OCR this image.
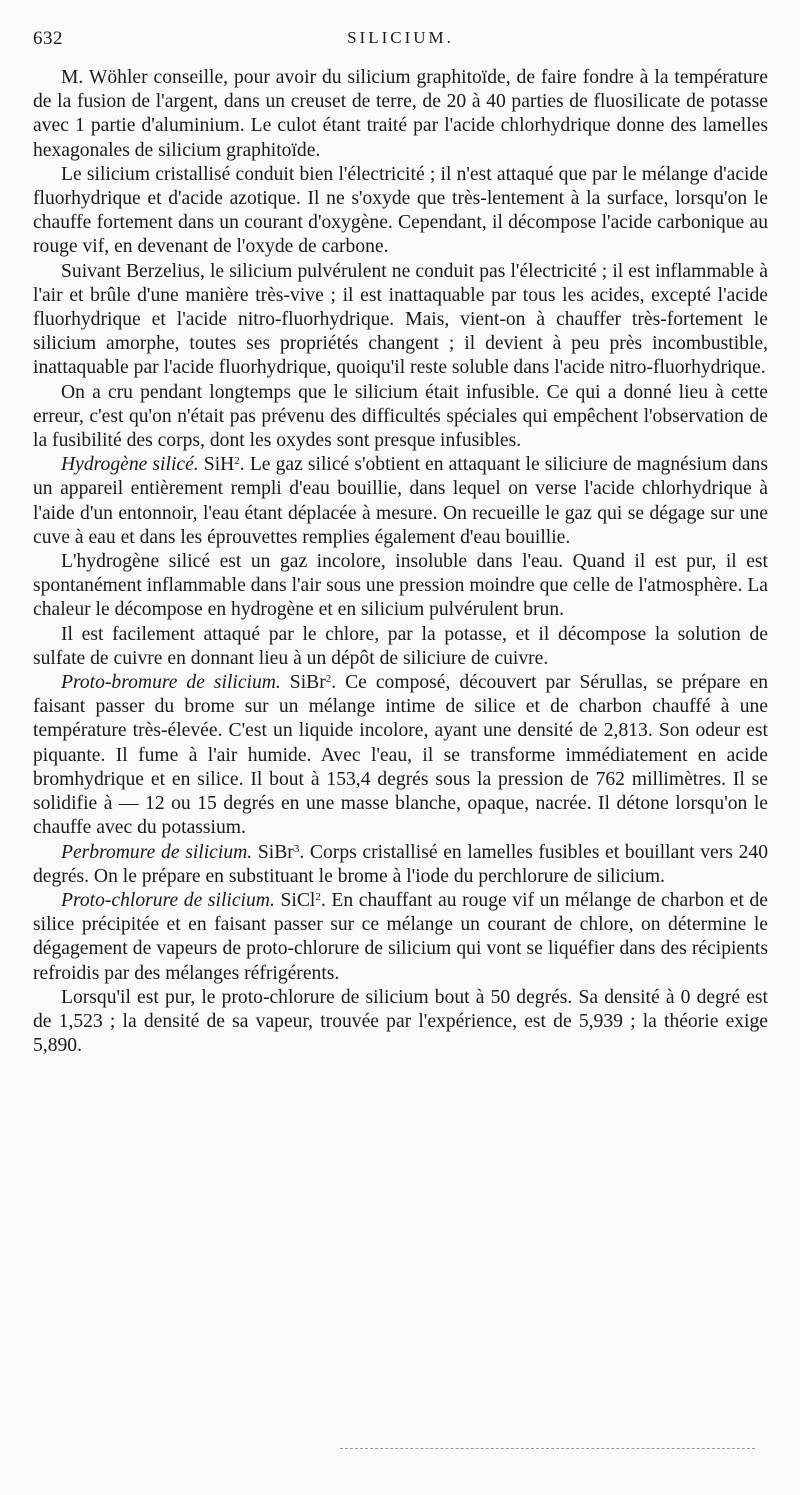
632	SILICIUM.

M. Wöhler conseille, pour avoir du silicium graphitoïde, de faire fondre à la température de la fusion de l'argent, dans un creuset de terre, de 20 à 40 parties de fluosilicate de potasse avec 1 partie d'aluminium. Le culot étant traité par l'acide chlorhydrique donne des lamelles hexagonales de silicium graphitoïde.

Le silicium cristallisé conduit bien l'électricité ; il n'est attaqué que par le mélange d'acide fluorhydrique et d'acide azotique. Il ne s'oxyde que très-lentement à la surface, lorsqu'on le chauffe fortement dans un courant d'oxygène. Cependant, il décompose l'acide carbonique au rouge vif, en devenant de l'oxyde de carbone.

Suivant Berzelius, le silicium pulvérulent ne conduit pas l'électricité ; il est inflammable à l'air et brûle d'une manière très-vive ; il est inattaquable par tous les acides, excepté l'acide fluorhydrique et l'acide nitro-fluorhydrique. Mais, vient-on à chauffer très-fortement le silicium amorphe, toutes ses propriétés changent ; il devient à peu près incombustible, inattaquable par l'acide fluorhydrique, quoiqu'il reste soluble dans l'acide nitro-fluorhydrique.

On a cru pendant longtemps que le silicium était infusible. Ce qui a donné lieu à cette erreur, c'est qu'on n'était pas prévenu des difficultés spéciales qui empêchent l'observation de la fusibilité des corps, dont les oxydes sont presque infusibles.

Hydrogène silicé. SiH$^2$. Le gaz silicé s'obtient en attaquant le siliciure de magnésium dans un appareil entièrement rempli d'eau bouillie, dans lequel on verse l'acide chlorhydrique à l'aide d'un entonnoir, l'eau étant déplacée à mesure. On recueille le gaz qui se dégage sur une cuve à eau et dans les éprouvettes remplies également d'eau bouillie.

L'hydrogène silicé est un gaz incolore, insoluble dans l'eau. Quand il est pur, il est spontanément inflammable dans l'air sous une pression moindre que celle de l'atmosphère. La chaleur le décompose en hydrogène et en silicium pulvérulent brun.

Il est facilement attaqué par le chlore, par la potasse, et il décompose la solution de sulfate de cuivre en donnant lieu à un dépôt de siliciure de cuivre.

Proto-bromure de silicium. SiBr$^2$. Ce composé, découvert par Sérullas, se prépare en faisant passer du brome sur un mélange intime de silice et de charbon chauffé à une température très-élevée. C'est un liquide incolore, ayant une densité de 2,813. Son odeur est piquante. Il fume à l'air humide. Avec l'eau, il se transforme immédiatement en acide bromhydrique et en silice. Il bout à 153,4 degrés sous la pression de 762 millimètres. Il se solidifie à — 12 ou 15 degrés en une masse blanche, opaque, nacrée. Il détone lorsqu'on le chauffe avec du potassium.

Perbromure de silicium. SiBr$^3$. Corps cristallisé en lamelles fusibles et bouillant vers 240 degrés. On le prépare en substituant le brome à l'iode du perchlorure de silicium.

Proto-chlorure de silicium. SiCl$^2$. En chauffant au rouge vif un mélange de charbon et de silice précipitée et en faisant passer sur ce mélange un courant de chlore, on détermine le dégagement de vapeurs de proto-chlorure de silicium qui vont se liquéfier dans des récipients refroidis par des mélanges réfrigérents.

Lorsqu'il est pur, le proto-chlorure de silicium bout à 50 degrés. Sa densité à 0 degré est de 1,523 ; la densité de sa vapeur, trouvée par l'expérience, est de 5,939 ; la théorie exige 5,890.
